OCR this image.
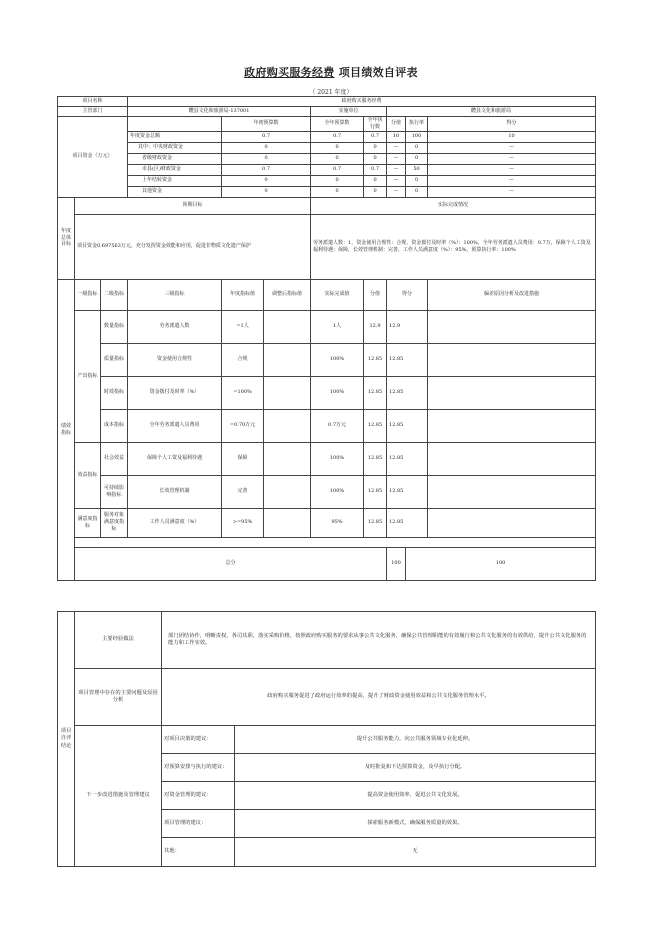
政府购买服务经费 项目绩效自评表
（ 2021 年度）
项目名称			政府购买服务经费								
主管部门			醴县文化和旅游局-137001			实施单位		醴县文化和旅游局			
项目资金（万元）				年初预算数		全年预算数	全年执行数	分值	执行率	得分	
			年度资金总额	0.7		0.7	0.7	10	100	10	
			其中：中央财政资金	0		0	0	—	0	—	
			省级财政资金	0		0	0	—	0	—	
			市县(区)财政资金	0.7		0.7	0.7	—	50	—	
			上年结转资金	0		0	0	—	0	—	
			其他资金	0		0	0	—	0	—	
年度总体目标	预期目标					实际完成情况					
	项目资金0.697563万元，充分发挥资金效能和应用，促进非物质文化遗产保护					劳务派遣人数：1，资金使用合规性：合规，资金拨付及时率（%）：100%，全年劳务派遣人员费用：0.7万，保障个人工资及福利待遇：保障，长效管理机制：完善，工作人员满意度（%）：95%，预算执行率：100%					
绩效指标	一级指标	二级指标	三级指标	年度指标值	调整后指标值	实际完成值	分值	得分		偏差原因分析及改进措施	
	产出指标	数量指标	劳务派遣人数	=1人		1人	12.9	12.9			
		质量指标	资金使用合规性	合规		100%	12.85	12.85			
		时效指标	资金拨付及时率（%）	=100%		100%	12.85	12.85			
		成本指标	全年劳务派遣人员费用	=0.70万元		0.7万元	12.85	12.85			
	效益指标	社会效益	保障个人工资及福利待遇	保障		100%	12.85	12.85			
		可持续影响指标	长效管理机制	完善		100%	12.85	12.85			
	满意度指标	服务对象满意度指标	工作人员满意度（%）	>=95%		95%	12.85	12.85			

	总分							100	100		
项目自评结论	主要经验做法	部门团结协作，明晰责权，各司其职，落实采购价格，按照政府购买服务的要求从事公共文化服务，确保公共管理职能的有效履行和公共文化服务的有效供给，提升公共文化服务的能力和工作实效。	
	项目管理中存在的主要问题及原因分析	政府购买服务促进了政府运行效率的提高，提升了财政资金使用效益和公共文化服务管理水平。	
	下一步改进措施及管理建议	对项目决策的建议：	提升公共服务能力，向公共服务领域专业化延伸。
		对预算安排与执行的建议：	及时批复和下达预算资金，及早执行分配。
		对资金管理的建议：	提高资金使用效率，促进公共文化发展。
		项目管理的建议：	探索服务新模式，确保服务质量的效果。
		其他：	无
